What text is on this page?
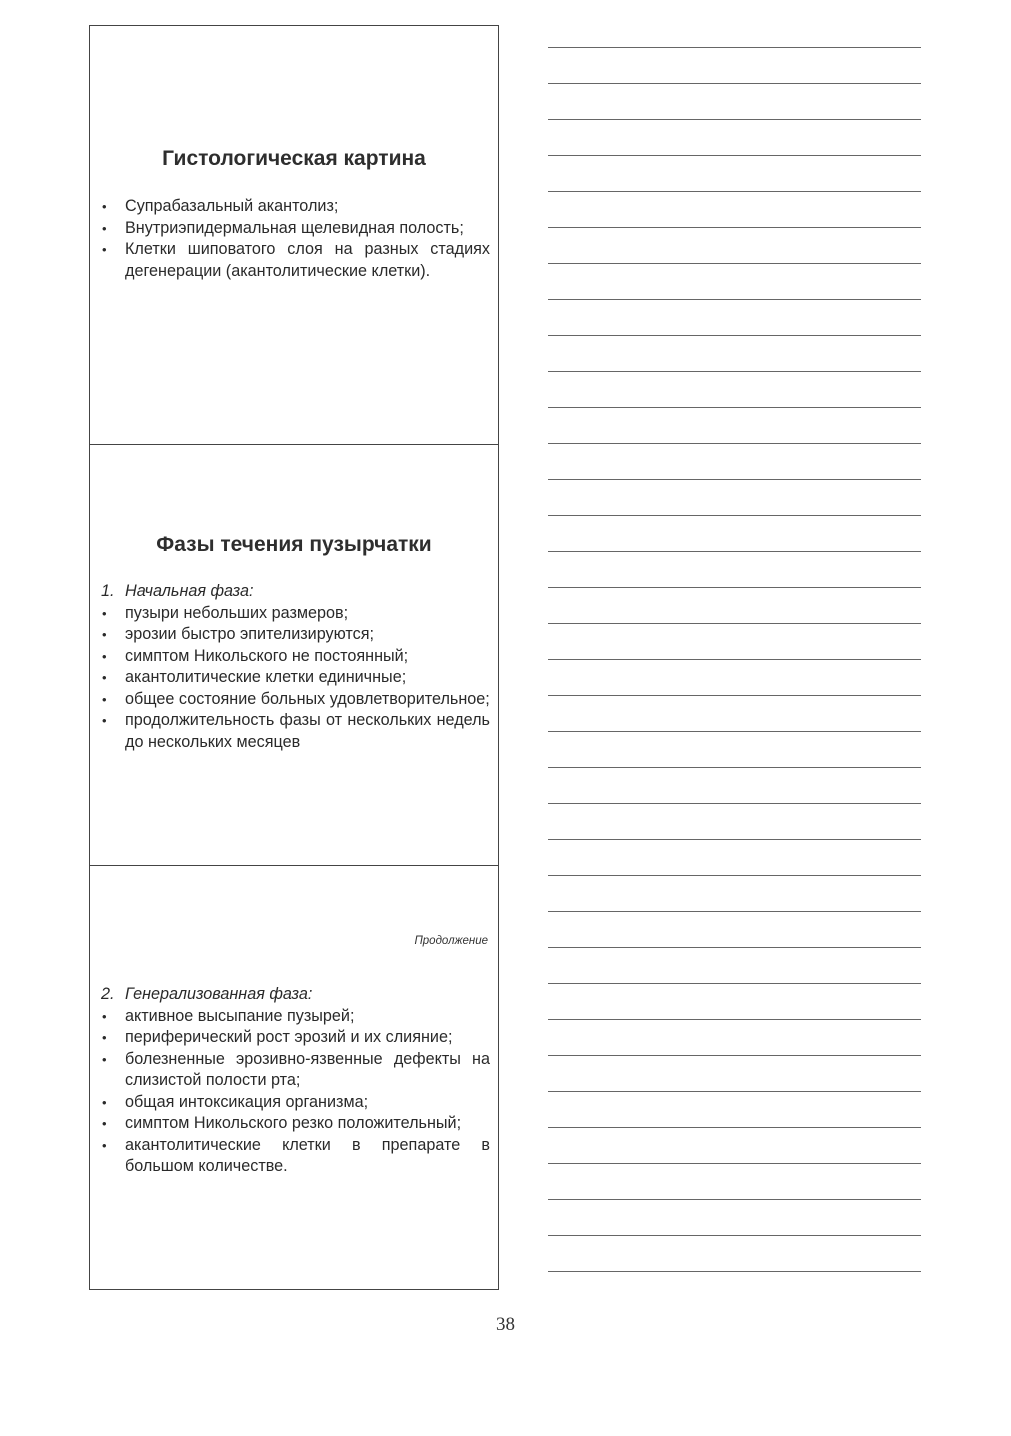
Гистологическая картина
• Супрабазальный акантолиз;
• Внутриэпидермальная щелевидная полость;
• Клетки шиповатого слоя на разных стадиях дегенерации (акантолитические клетки).
Фазы течения пузырчатки
1. Начальная фаза:
• пузыри небольших размеров;
• эрозии быстро эпителизируются;
• симптом Никольского не постоянный;
• акантолитические клетки единичные;
• общее состояние больных удовлетворительное;
• продолжительность фазы от нескольких недель до нескольких месяцев
Продолжение
2. Генерализованная фаза:
• активное высыпание пузырей;
• периферический рост эрозий и их слияние;
• болезненные эрозивно-язвенные дефекты на слизистой полости рта;
• общая интоксикация организма;
• симптом Никольского резко положительный;
• акантолитические клетки в препарате в большом количестве.
38
